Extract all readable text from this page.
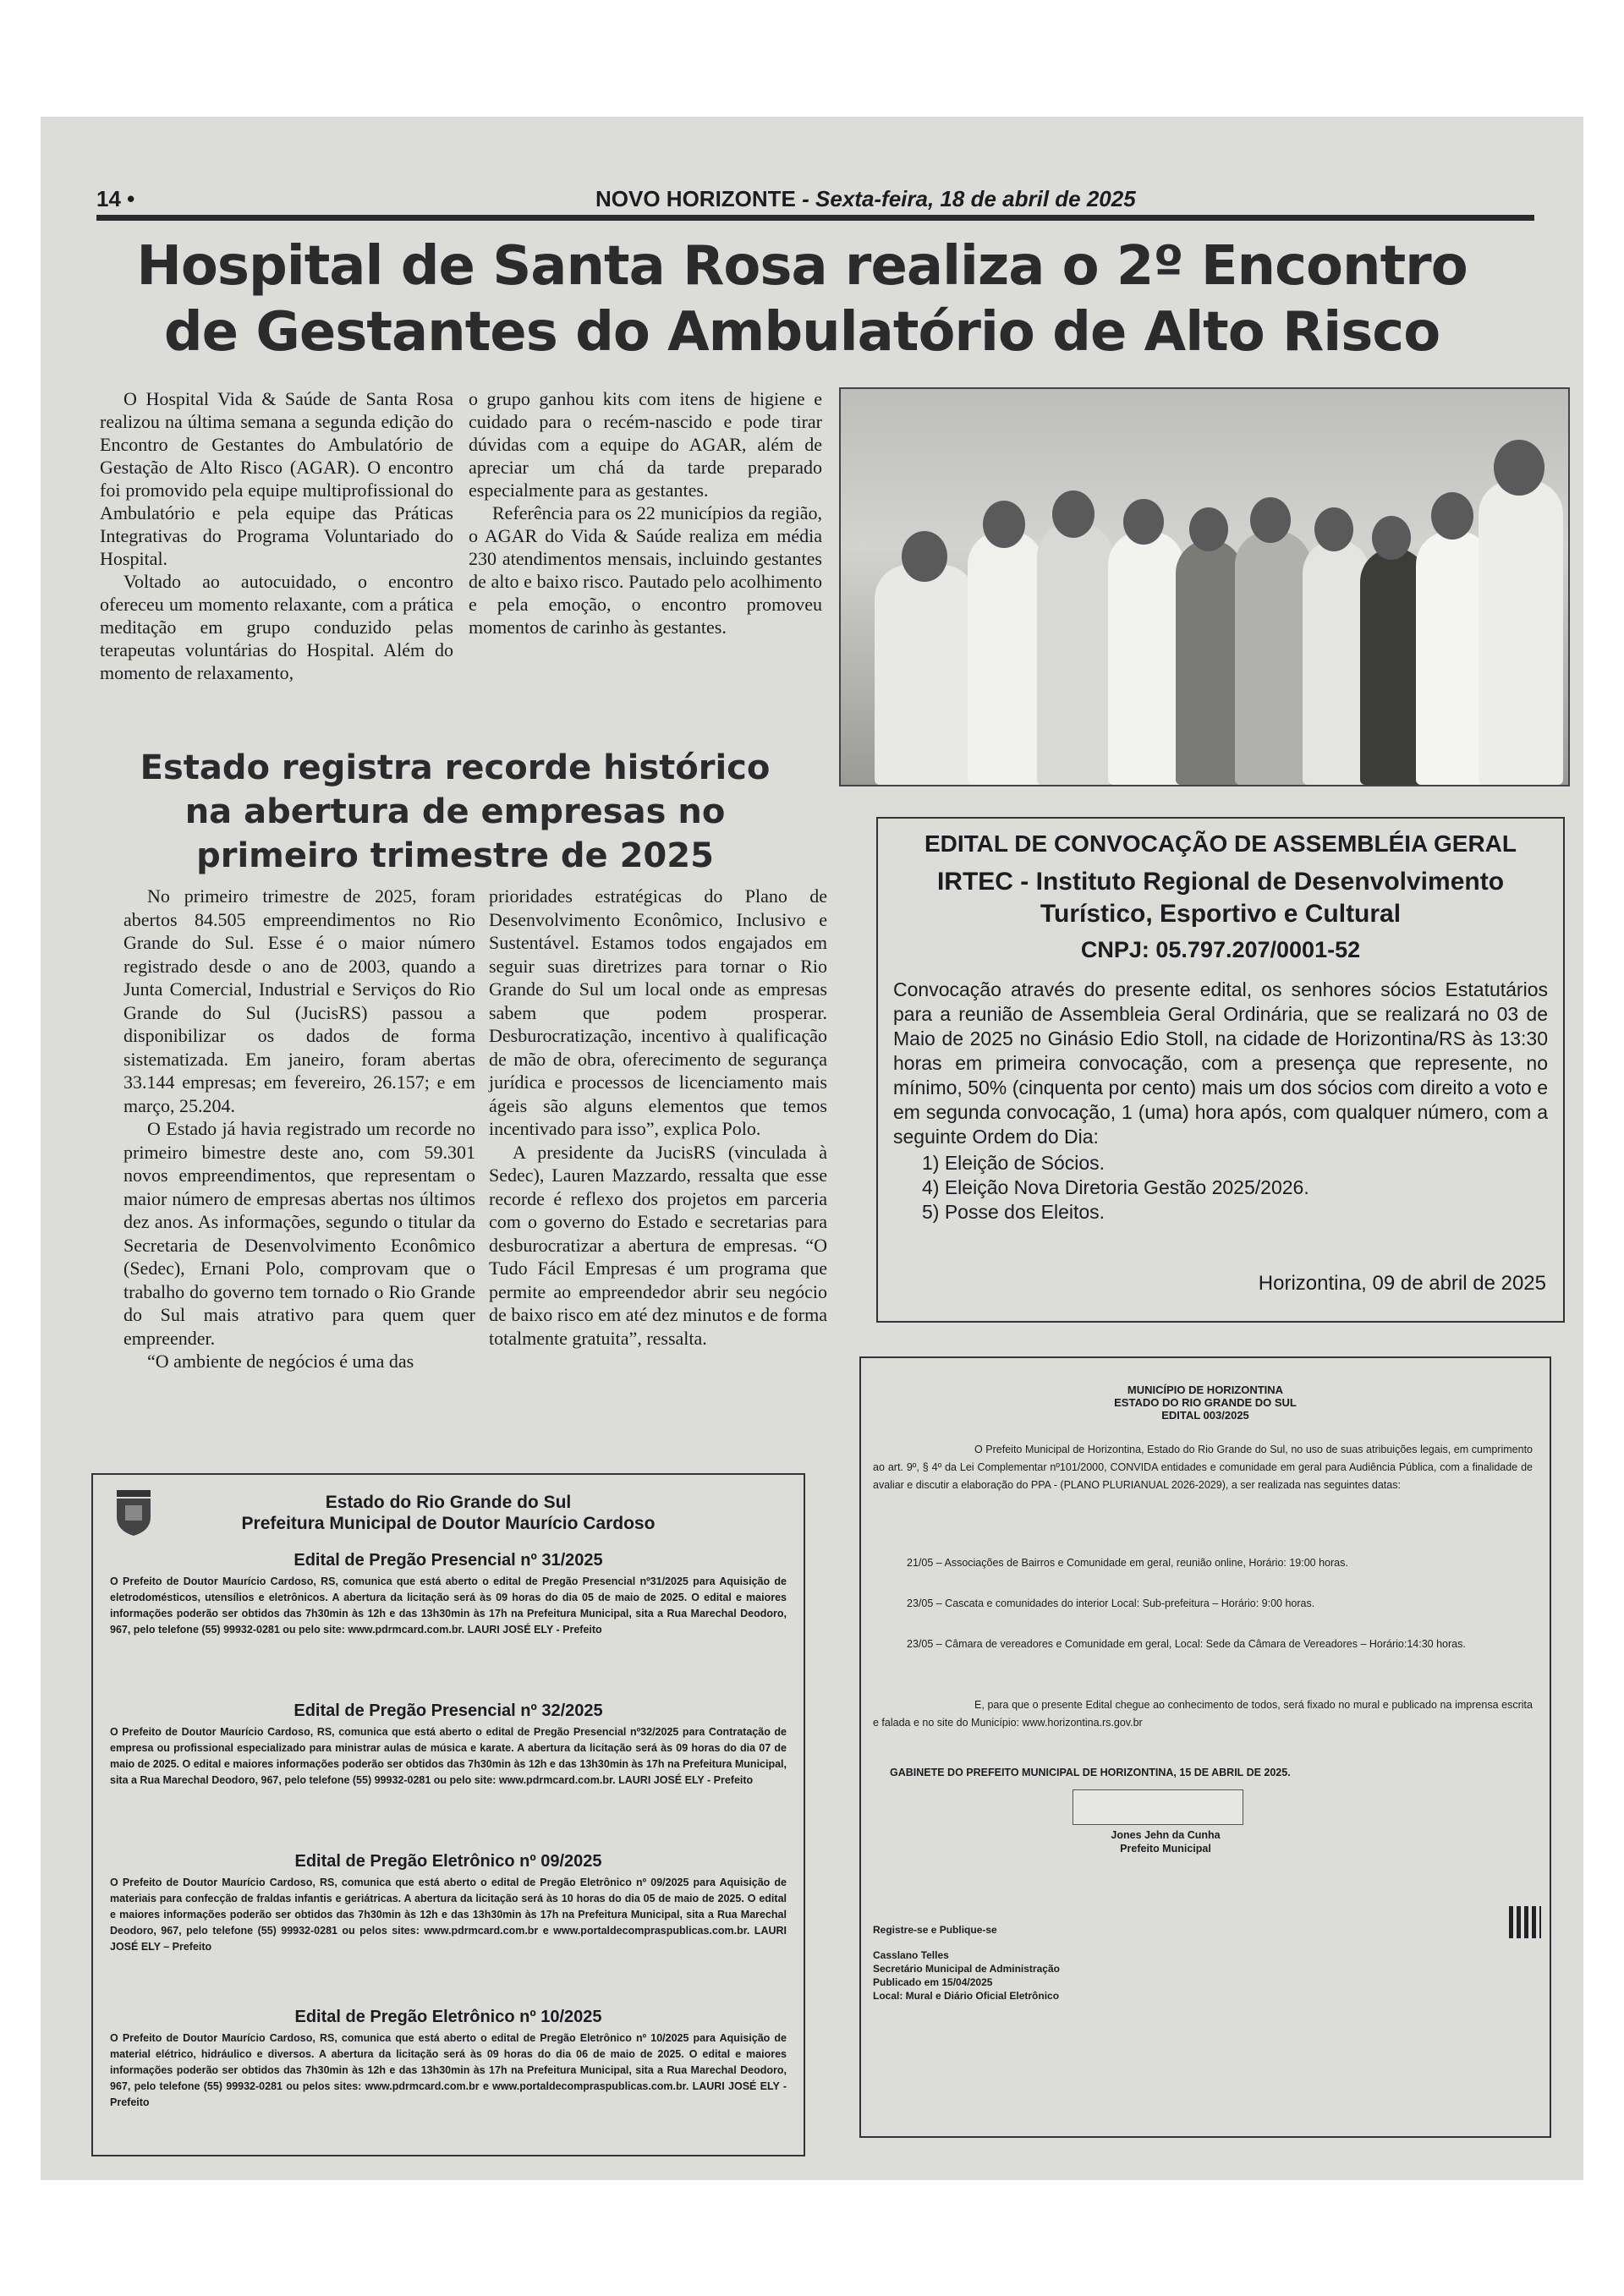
14 •	NOVO HORIZONTE - Sexta-feira, 18 de abril de 2025
Hospital de Santa Rosa realiza o 2º Encontro
de Gestantes do Ambulatório de Alto Risco

O Hospital Vida & Saúde de Santa Rosa realizou na última semana a segunda edição do Encontro de Gestantes do Ambulatório de Gestação de Alto Risco (AGAR). O encontro foi promovido pela equipe multiprofissional do Ambulatório e pela equipe das Práticas Integrativas do Programa Voluntariado do Hospital.

Voltado ao autocuidado, o encontro ofereceu um momento relaxante, com a prática meditação em grupo conduzido pelas terapeutas voluntárias do Hospital. Além do momento de relaxamento,

o grupo ganhou kits com itens de higiene e cuidado para o recém-nascido e pode tirar dúvidas com a equipe do AGAR, além de apreciar um chá da tarde preparado especialmente para as gestantes.

Referência para os 22 municípios da região, o AGAR do Vida & Saúde realiza em média 230 atendimentos mensais, incluindo gestantes de alto e baixo risco. Pautado pelo acolhimento e pela emoção, o encontro promoveu momentos de carinho às gestantes.

Estado registra recorde histórico
na abertura de empresas no
primeiro trimestre de 2025

No primeiro trimestre de 2025, foram abertos 84.505 empreendimentos no Rio Grande do Sul. Esse é o maior número registrado desde o ano de 2003, quando a Junta Comercial, Industrial e Serviços do Rio Grande do Sul (JucisRS) passou a disponibilizar os dados de forma sistematizada. Em janeiro, foram abertas 33.144 empresas; em fevereiro, 26.157; e em março, 25.204.

O Estado já havia registrado um recorde no primeiro bimestre deste ano, com 59.301 novos empreendimentos, que representam o maior número de empresas abertas nos últimos dez anos. As informações, segundo o titular da Secretaria de Desenvolvimento Econômico (Sedec), Ernani Polo, comprovam que o trabalho do governo tem tornado o Rio Grande do Sul mais atrativo para quem quer empreender.

“O ambiente de negócios é uma das

prioridades estratégicas do Plano de Desenvolvimento Econômico, Inclusivo e Sustentável. Estamos todos engajados em seguir suas diretrizes para tornar o Rio Grande do Sul um local onde as empresas sabem que podem prosperar. Desburocratização, incentivo à qualificação de mão de obra, oferecimento de segurança jurídica e processos de licenciamento mais ágeis são alguns elementos que temos incentivado para isso”, explica Polo.

A presidente da JucisRS (vinculada à Sedec), Lauren Mazzardo, ressalta que esse recorde é reflexo dos projetos em parceria com o governo do Estado e secretarias para desburocratizar a abertura de empresas. “O Tudo Fácil Empresas é um programa que permite ao empreendedor abrir seu negócio de baixo risco em até dez minutos e de forma totalmente gratuita”, ressalta.

EDITAL DE CONVOCAÇÃO DE ASSEMBLÉIA GERAL
IRTEC - Instituto Regional de Desenvolvimento
Turístico, Esportivo e Cultural
CNPJ: 05.797.207/0001-52
Convocação através do presente edital, os senhores sócios Estatutários para a reunião de Assembleia Geral Ordinária, que se realizará no 03 de Maio de 2025 no Ginásio Edio Stoll, na cidade de Horizontina/RS às 13:30 horas em primeira convocação, com a presença que represente, no mínimo, 50% (cinquenta por cento) mais um dos sócios com direito a voto e em segunda convocação, 1 (uma) hora após, com qualquer número, com a seguinte Ordem do Dia:
1) Eleição de Sócios.
4) Eleição Nova Diretoria Gestão 2025/2026.
5) Posse dos Eleitos.
Horizontina, 09 de abril de 2025
Estado do Rio Grande do Sul
Prefeitura Municipal de Doutor Maurício Cardoso
Edital de Pregão Presencial nº 31/2025
O Prefeito de Doutor Maurício Cardoso, RS, comunica que está aberto o edital de Pregão Presencial nº31/2025 para Aquisição de eletrodomésticos, utensílios e eletrônicos. A abertura da licitação será às 09 horas do dia 05 de maio de 2025. O edital e maiores informações poderão ser obtidos das 7h30min às 12h e das 13h30min às 17h na Prefeitura Municipal, sita a Rua Marechal Deodoro, 967, pelo telefone (55) 99932-0281 ou pelo site: www.pdrmcard.com.br. LAURI JOSÉ ELY - Prefeito
Edital de Pregão Presencial nº 32/2025
O Prefeito de Doutor Maurício Cardoso, RS, comunica que está aberto o edital de Pregão Presencial nº32/2025 para Contratação de empresa ou profissional especializado para ministrar aulas de música e karate. A abertura da licitação será às 09 horas do dia 07 de maio de 2025. O edital e maiores informações poderão ser obtidos das 7h30min às 12h e das 13h30min às 17h na Prefeitura Municipal, sita a Rua Marechal Deodoro, 967, pelo telefone (55) 99932-0281 ou pelo site: www.pdrmcard.com.br. LAURI JOSÉ ELY - Prefeito
Edital de Pregão Eletrônico nº 09/2025
O Prefeito de Doutor Maurício Cardoso, RS, comunica que está aberto o edital de Pregão Eletrônico nº 09/2025 para Aquisição de materiais para confecção de fraldas infantis e geriátricas. A abertura da licitação será às 10 horas do dia 05 de maio de 2025. O edital e maiores informações poderão ser obtidos das 7h30min às 12h e das 13h30min às 17h na Prefeitura Municipal, sita a Rua Marechal Deodoro, 967, pelo telefone (55) 99932-0281 ou pelos sites: www.pdrmcard.com.br e www.portaldecompraspublicas.com.br. LAURI JOSÉ ELY – Prefeito
Edital de Pregão Eletrônico nº 10/2025
O Prefeito de Doutor Maurício Cardoso, RS, comunica que está aberto o edital de Pregão Eletrônico nº 10/2025 para Aquisição de material elétrico, hidráulico e diversos. A abertura da licitação será às 09 horas do dia 06 de maio de 2025. O edital e maiores informações poderão ser obtidos das 7h30min às 12h e das 13h30min às 17h na Prefeitura Municipal, sita a Rua Marechal Deodoro, 967, pelo telefone (55) 99932-0281 ou pelos sites: www.pdrmcard.com.br e www.portaldecompraspublicas.com.br. LAURI JOSÉ ELY - Prefeito
MUNICÍPIO DE HORIZONTINA
ESTADO DO RIO GRANDE DO SUL
EDITAL 003/2025
O Prefeito Municipal de Horizontina, Estado do Rio Grande do Sul, no uso de suas atribuições legais, em cumprimento ao art. 9º, § 4º da Lei Complementar nº101/2000, CONVIDA entidades e comunidade em geral para Audiência Pública, com a finalidade de avaliar e discutir a elaboração do PPA - (PLANO PLURIANUAL 2026-2029), a ser realizada nas seguintes datas:
21/05 – Associações de Bairros e Comunidade em geral, reunião online, Horário: 19:00 horas.
23/05 – Cascata e comunidades do interior Local: Sub-prefeitura – Horário: 9:00 horas.
23/05 – Câmara de vereadores e Comunidade em geral, Local: Sede da Câmara de Vereadores – Horário:14:30 horas.
E, para que o presente Edital chegue ao conhecimento de todos, será fixado no mural e publicado na imprensa escrita e falada e no site do Município: www.horizontina.rs.gov.br
GABINETE DO PREFEITO MUNICIPAL DE HORIZONTINA, 15 DE ABRIL DE 2025.
Jones Jehn da Cunha
Prefeito Municipal
Registre-se e Publique-se
Casslano Telles
Secretário Municipal de Administração
Publicado em 15/04/2025
Local: Mural e Diário Oficial Eletrônico
